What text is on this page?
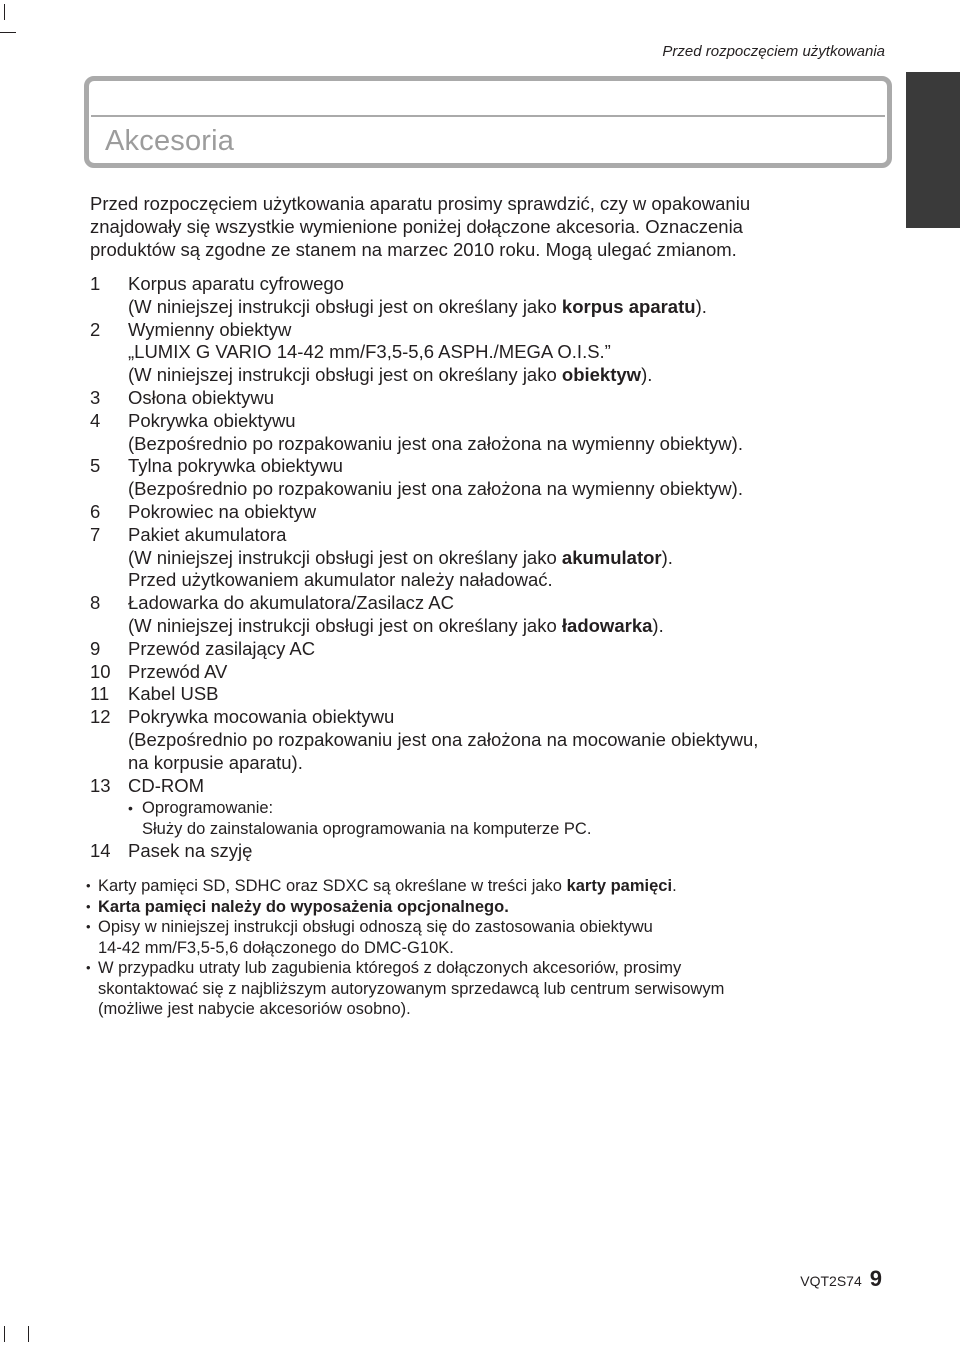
Przed rozpoczęciem użytkowania
Akcesoria

Przed rozpoczęciem użytkowania aparatu prosimy sprawdzić, czy w opakowaniu

znajdowały się wszystkie wymienione poniżej dołączone akcesoria. Oznaczenia

produktów są zgodne ze stanem na marzec 2010 roku. Mogą ulegać zmianom.

1	Korpus aparatu cyfrowego
(W niniejszej instrukcji obsługi jest on określany jako korpus aparatu).
2	Wymienny obiektyw
„LUMIX G VARIO 14-42 mm/F3,5-5,6 ASPH./MEGA O.I.S.”
(W niniejszej instrukcji obsługi jest on określany jako obiektyw).
3	Osłona obiektywu
4	Pokrywka obiektywu
(Bezpośrednio po rozpakowaniu jest ona założona na wymienny obiektyw).
5	Tylna pokrywka obiektywu
(Bezpośrednio po rozpakowaniu jest ona założona na wymienny obiektyw).
6	Pokrowiec na obiektyw
7	Pakiet akumulatora
(W niniejszej instrukcji obsługi jest on określany jako akumulator).
Przed użytkowaniem akumulator należy naładować.
8	Ładowarka do akumulatora/Zasilacz AC
(W niniejszej instrukcji obsługi jest on określany jako ładowarka).
9	Przewód zasilający AC
10 Przewód AV
11	Kabel USB
12 Pokrywka mocowania obiektywu
(Bezpośrednio po rozpakowaniu jest ona założona na mocowanie obiektywu,
na korpusie aparatu).
13 CD-ROM
• Oprogramowanie:
Służy do zainstalowania oprogramowania na komputerze PC.
14 Pasek na szyję
• Karty pamięci SD, SDHC oraz SDXC są określane w treści jako karty pamięci.
• Karta pamięci należy do wyposażenia opcjonalnego.
• Opisy w niniejszej instrukcji obsługi odnoszą się do zastosowania obiektywu
14-42 mm/F3,5-5,6 dołączonego do DMC-G10K.
• W przypadku utraty lub zagubienia któregoś z dołączonych akcesoriów, prosimy
skontaktować się z najbliższym autoryzowanym sprzedawcą lub centrum serwisowym
(możliwe jest nabycie akcesoriów osobno).
VQT2S74 9
